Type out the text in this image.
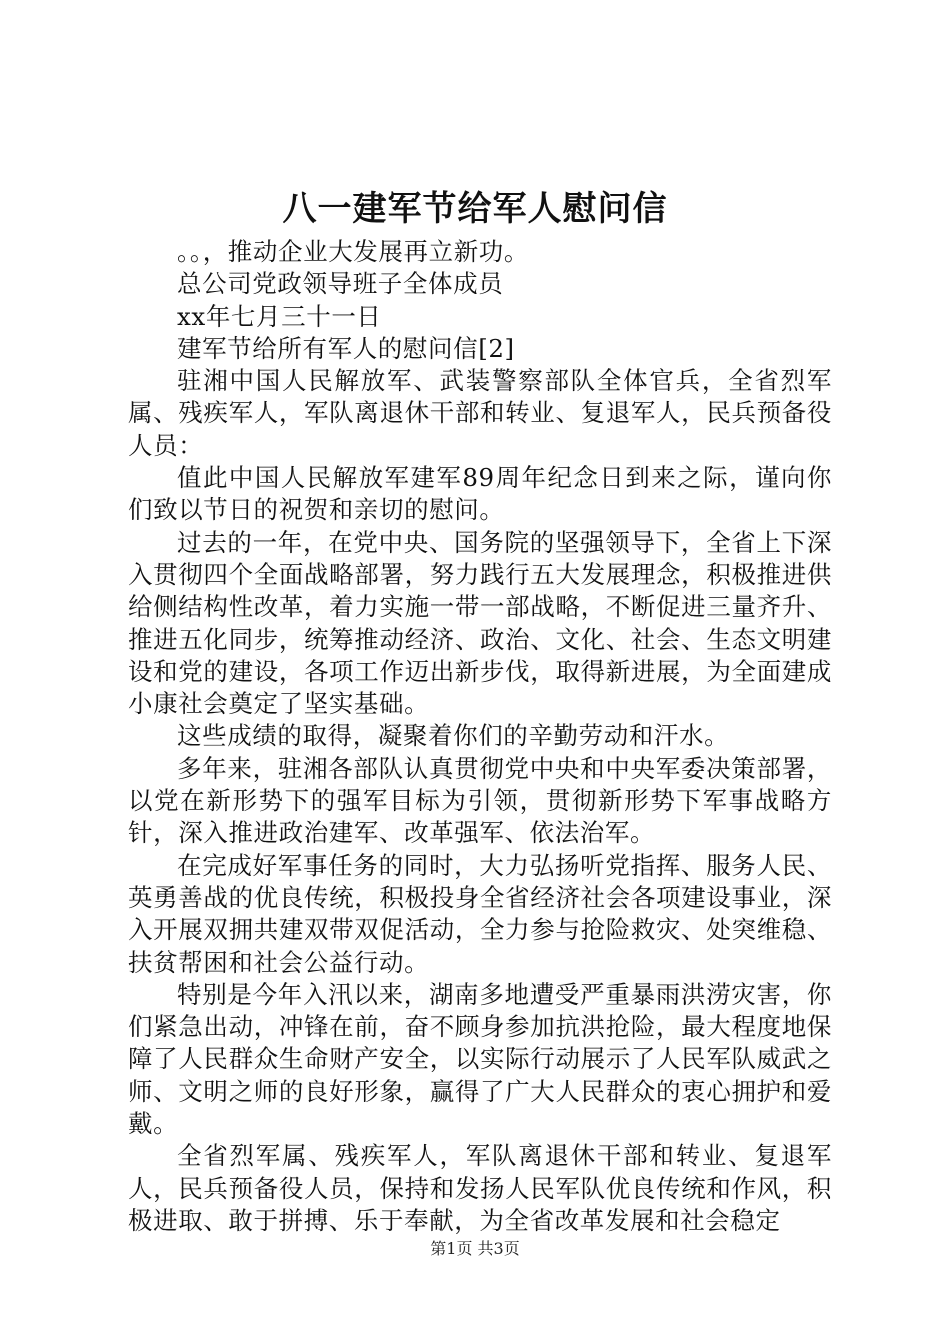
八一建军节给军人慰问信

。。，推动企业大发展再立新功。

总公司党政领导班子全体成员

xx年七月三十一日

建军节给所有军人的慰问信[2]

驻湘中国人民解放军、武装警察部队全体官兵，全省烈军属、残疾军人，军队离退休干部和转业、复退军人，民兵预备役人员：

值此中国人民解放军建军89周年纪念日到来之际，谨向你们致以节日的祝贺和亲切的慰问。

过去的一年，在党中央、国务院的坚强领导下，全省上下深入贯彻四个全面战略部署，努力践行五大发展理念，积极推进供给侧结构性改革，着力实施一带一部战略，不断促进三量齐升、推进五化同步，统筹推动经济、政治、文化、社会、生态文明建设和党的建设，各项工作迈出新步伐，取得新进展，为全面建成小康社会奠定了坚实基础。

这些成绩的取得，凝聚着你们的辛勤劳动和汗水。

多年来，驻湘各部队认真贯彻党中央和中央军委决策部署，以党在新形势下的强军目标为引领，贯彻新形势下军事战略方针，深入推进政治建军、改革强军、依法治军。

在完成好军事任务的同时，大力弘扬听党指挥、服务人民、英勇善战的优良传统，积极投身全省经济社会各项建设事业，深入开展双拥共建双带双促活动，全力参与抢险救灾、处突维稳、扶贫帮困和社会公益行动。

特别是今年入汛以来，湖南多地遭受严重暴雨洪涝灾害，你们紧急出动，冲锋在前，奋不顾身参加抗洪抢险，最大程度地保障了人民群众生命财产安全，以实际行动展示了人民军队威武之师、文明之师的良好形象，赢得了广大人民群众的衷心拥护和爱戴。

全省烈军属、残疾军人，军队离退休干部和转业、复退军人，民兵预备役人员，保持和发扬人民军队优良传统和作风，积极进取、敢于拼搏、乐于奉献，为全省改革发展和社会稳定

第1页 共3页
